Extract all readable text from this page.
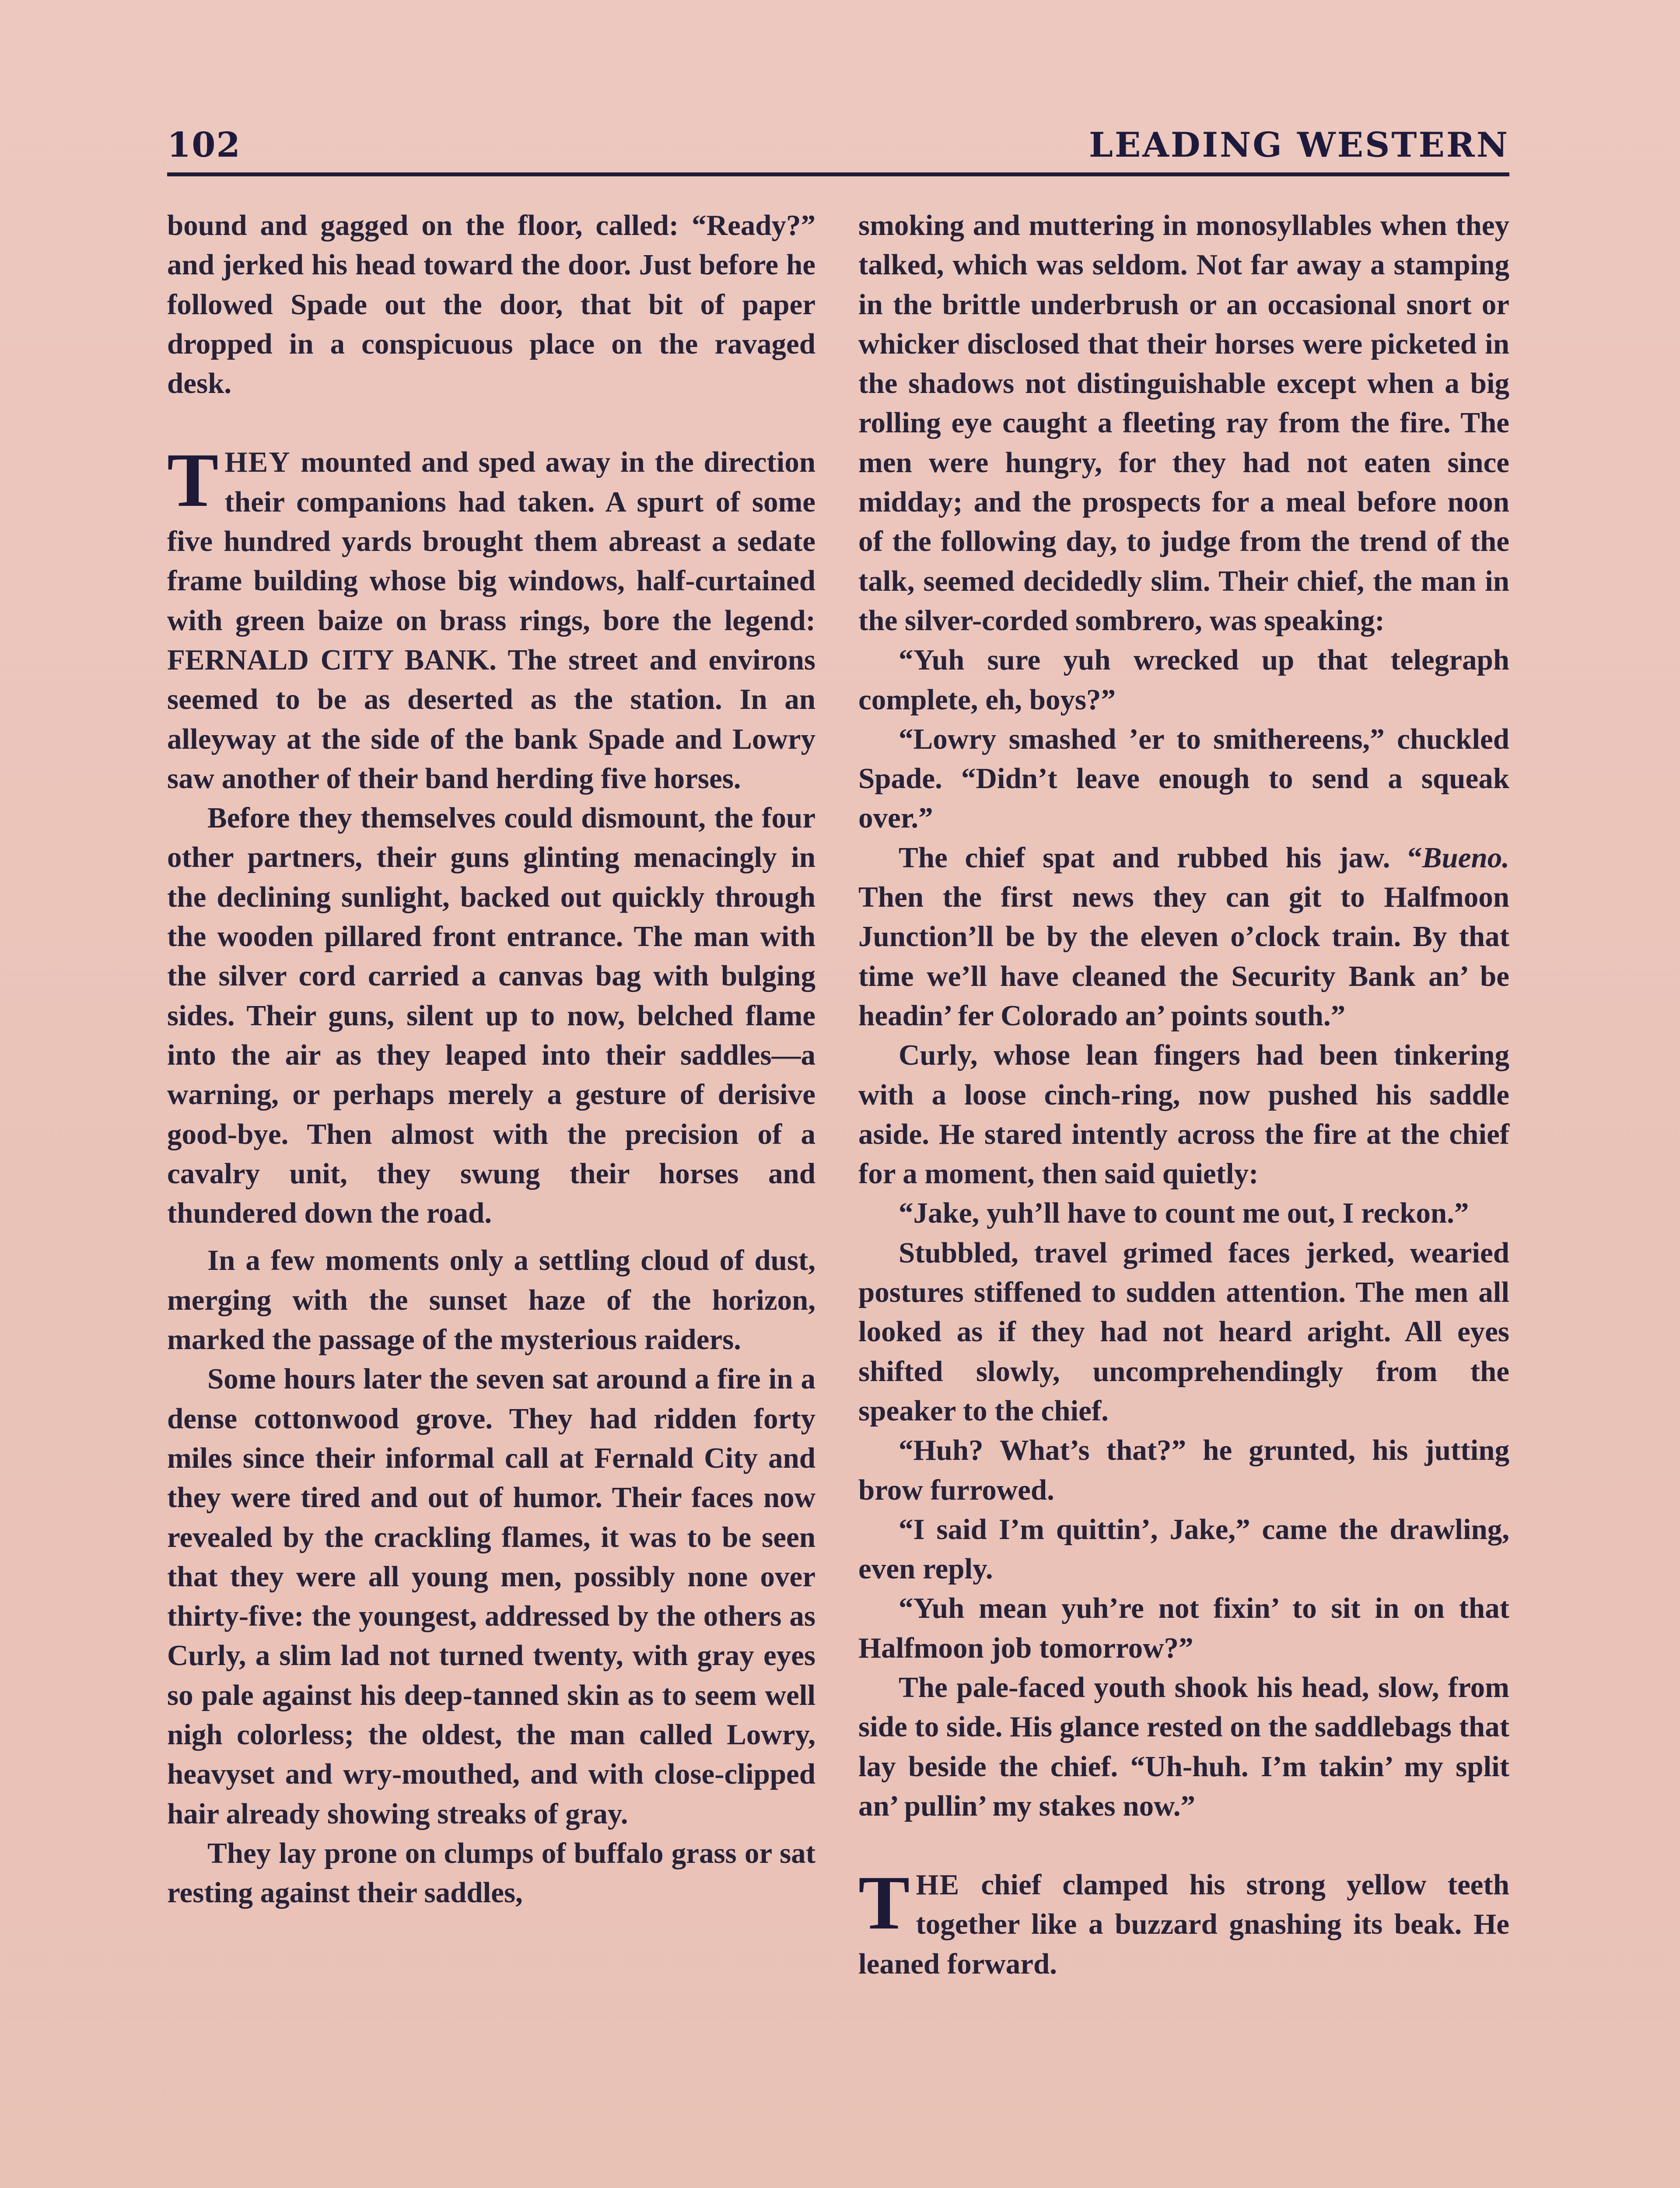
102	LEADING WESTERN

bound and gagged on the floor, called: “Ready?” and jerked his head toward the door. Just before he followed Spade out the door, that bit of paper dropped in a conspicuous place on the ravaged desk.

THEY mounted and sped away in the direction their companions had taken. A spurt of some five hundred yards brought them abreast a sedate frame building whose big windows, half-curtained with green baize on brass rings, bore the legend: FERNALD CITY BANK. The street and environs seemed to be as deserted as the station. In an alleyway at the side of the bank Spade and Lowry saw another of their band herding five horses.

Before they themselves could dismount, the four other partners, their guns glinting menacingly in the declining sunlight, backed out quickly through the wooden pillared front entrance. The man with the silver cord carried a canvas bag with bulging sides. Their guns, silent up to now, belched flame into the air as they leaped into their saddles—a warning, or perhaps merely a gesture of derisive good-bye. Then almost with the precision of a cavalry unit, they swung their horses and thundered down the road.

In a few moments only a settling cloud of dust, merging with the sunset haze of the horizon, marked the passage of the mysterious raiders.

Some hours later the seven sat around a fire in a dense cottonwood grove. They had ridden forty miles since their informal call at Fernald City and they were tired and out of humor. Their faces now revealed by the crackling flames, it was to be seen that they were all young men, possibly none over thirty-five: the youngest, addressed by the others as Curly, a slim lad not turned twenty, with gray eyes so pale against his deep-tanned skin as to seem well nigh colorless; the oldest, the man called Lowry, heavyset and wry-mouthed, and with close-clipped hair already showing streaks of gray.

They lay prone on clumps of buffalo grass or sat resting against their saddles,

smoking and muttering in monosyllables when they talked, which was seldom. Not far away a stamping in the brittle underbrush or an occasional snort or whicker disclosed that their horses were picketed in the shadows not distinguishable except when a big rolling eye caught a fleeting ray from the fire. The men were hungry, for they had not eaten since midday; and the prospects for a meal before noon of the following day, to judge from the trend of the talk, seemed decidedly slim. Their chief, the man in the silver-corded sombrero, was speaking:

“Yuh sure yuh wrecked up that telegraph complete, eh, boys?”

“Lowry smashed ’er to smithereens,” chuckled Spade. “Didn’t leave enough to send a squeak over.”

The chief spat and rubbed his jaw. “Bueno. Then the first news they can git to Halfmoon Junction’ll be by the eleven o’clock train. By that time we’ll have cleaned the Security Bank an’ be headin’ fer Colorado an’ points south.”

Curly, whose lean fingers had been tinkering with a loose cinch-ring, now pushed his saddle aside. He stared intently across the fire at the chief for a moment, then said quietly:

“Jake, yuh’ll have to count me out, I reckon.”

Stubbled, travel grimed faces jerked, wearied postures stiffened to sudden attention. The men all looked as if they had not heard aright. All eyes shifted slowly, uncomprehendingly from the speaker to the chief.

“Huh? What’s that?” he grunted, his jutting brow furrowed.

“I said I’m quittin’, Jake,” came the drawling, even reply.

“Yuh mean yuh’re not fixin’ to sit in on that Halfmoon job tomorrow?”

The pale-faced youth shook his head, slow, from side to side. His glance rested on the saddlebags that lay beside the chief. “Uh-huh. I’m takin’ my split an’ pullin’ my stakes now.”

THE chief clamped his strong yellow teeth together like a buzzard gnashing its beak. He leaned forward.
